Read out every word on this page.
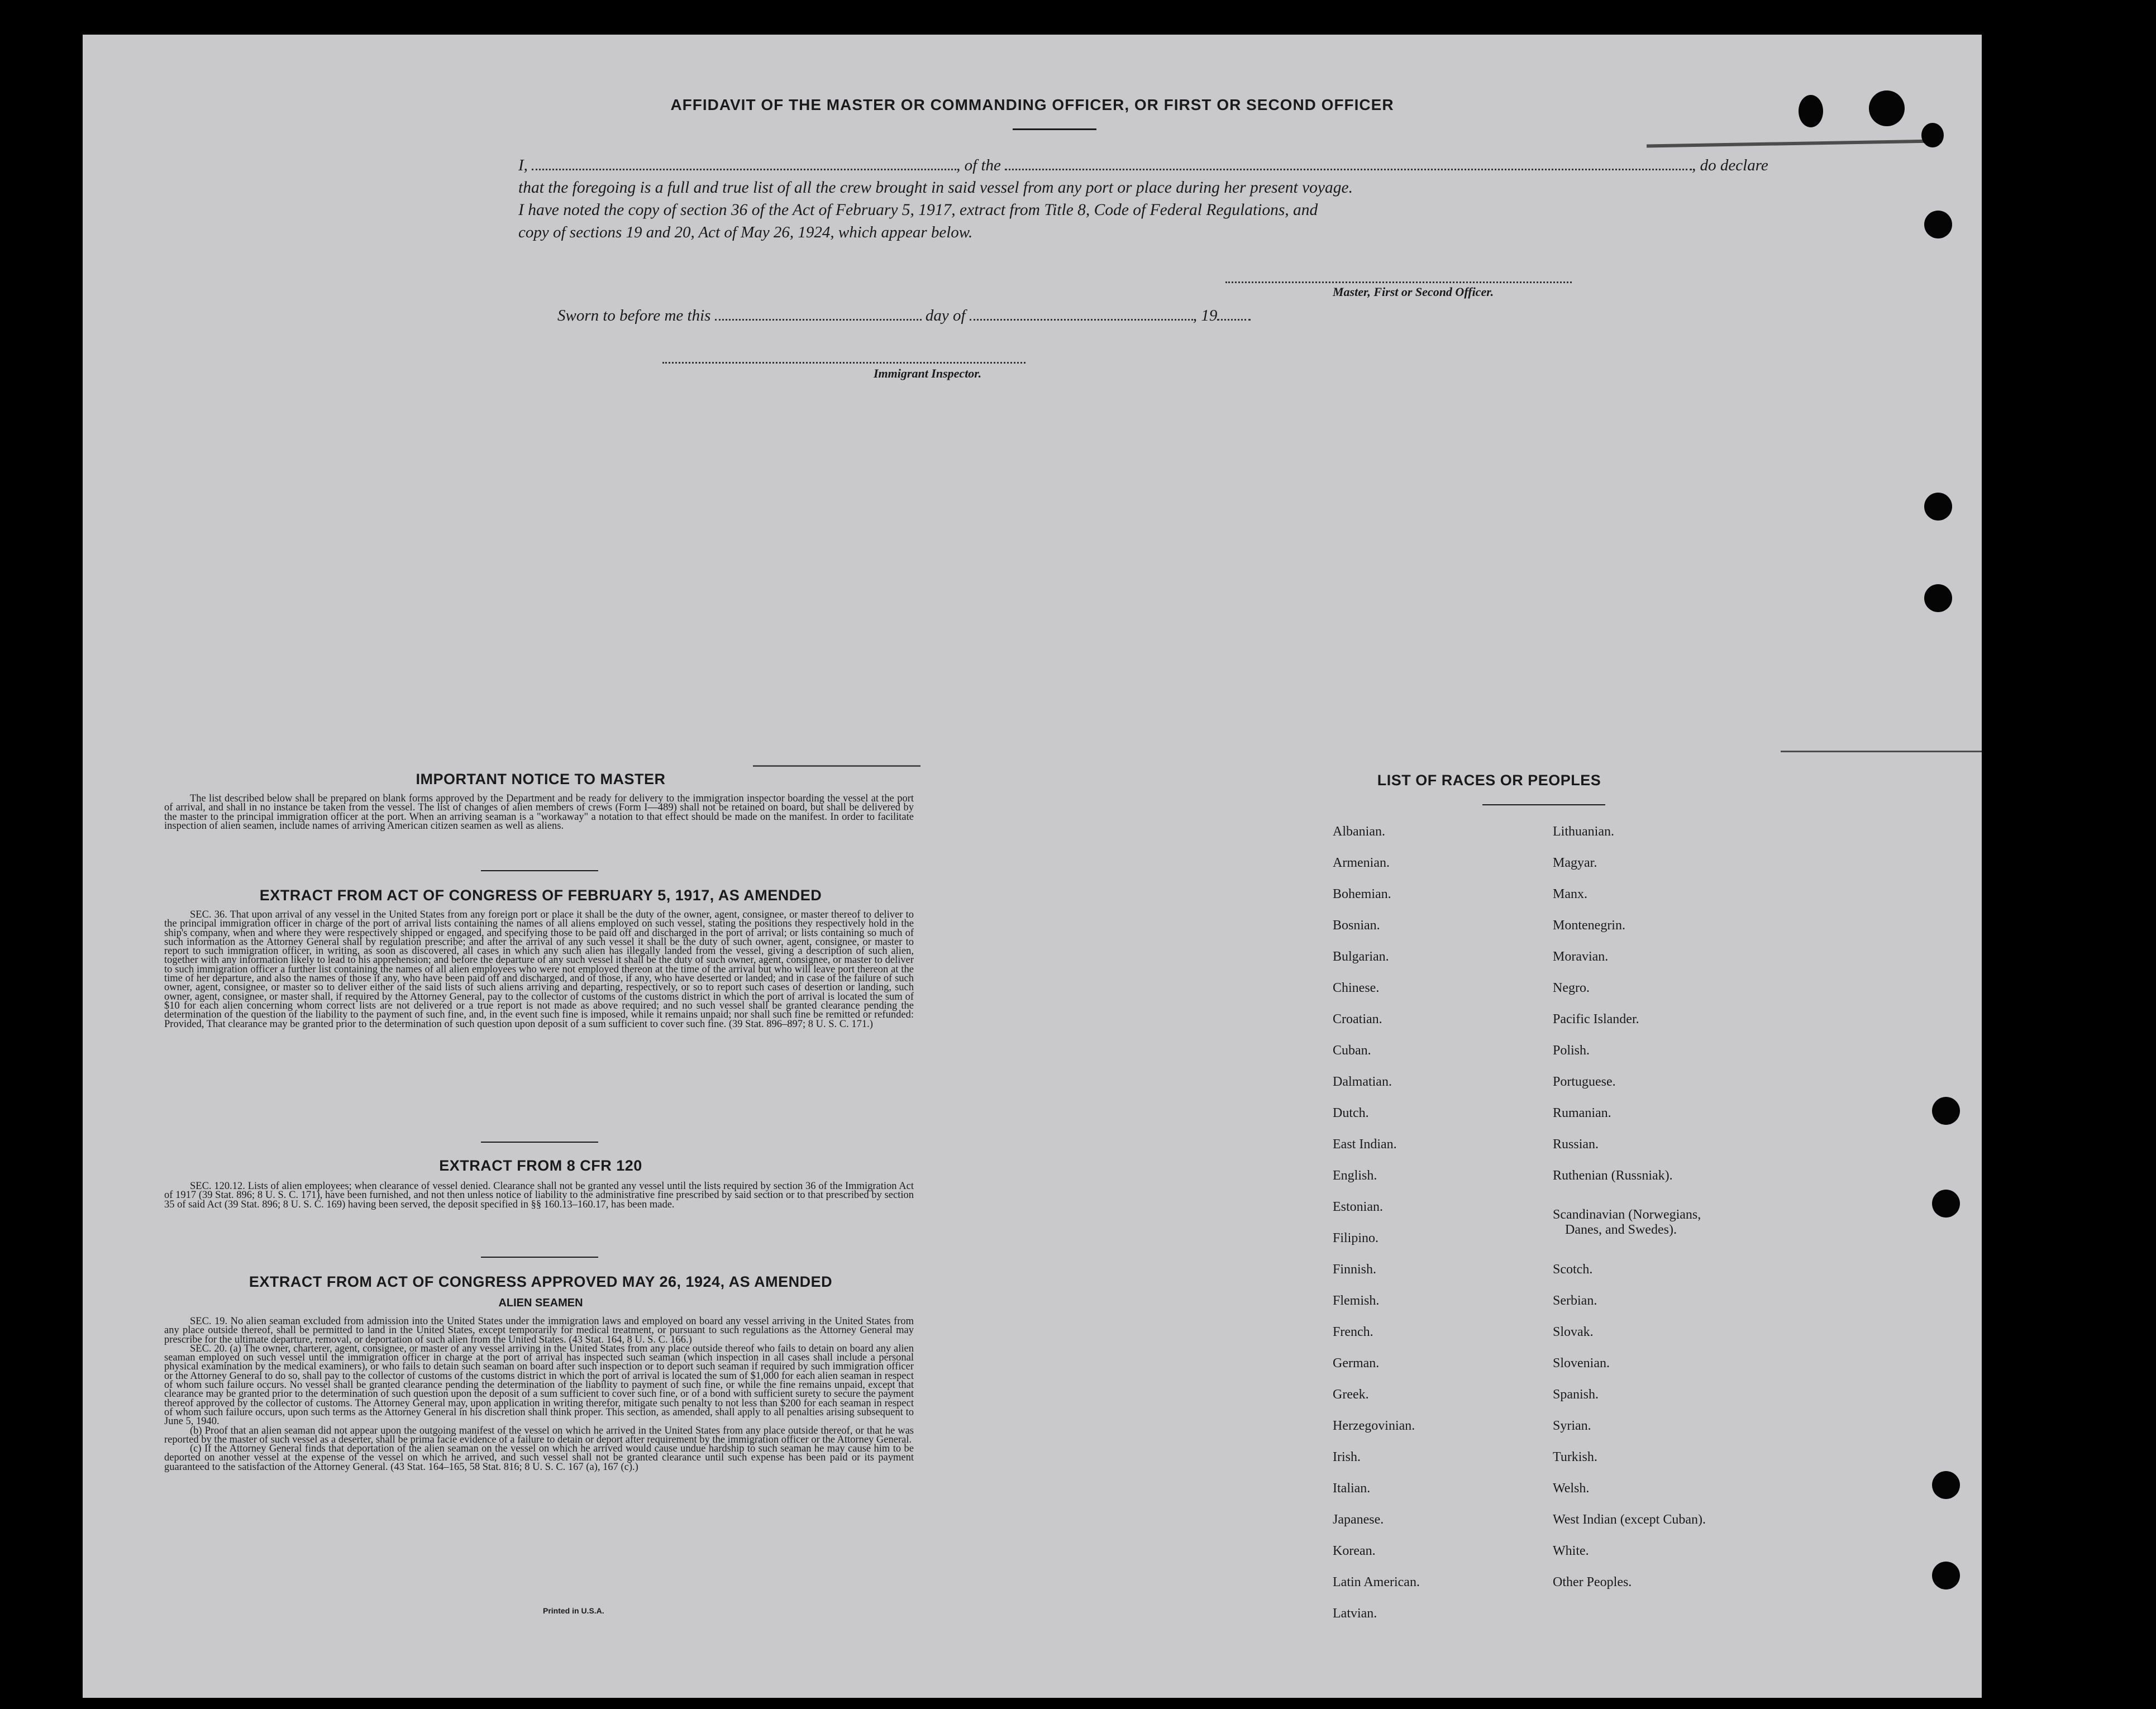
AFFIDAVIT OF THE MASTER OR COMMANDING OFFICER, OR FIRST OR SECOND OFFICER
I,	, of the	, do declare
that the foregoing is a full and true list of all the crew brought in said vessel from any port or place during her present voyage.
I have noted the copy of section 36 of the Act of February 5, 1917, extract from Title 8, Code of Federal Regulations, and
copy of sections 19 and 20, Act of May 26, 1924, which appear below.
Master, First or Second Officer.
Sworn to before me this	day of	, 19
Immigrant Inspector.
IMPORTANT NOTICE TO MASTER
The list described below shall be prepared on blank forms approved by the Department and be ready for delivery to the immigration inspector boarding the vessel at the port of arrival, and shall in no instance be taken from the vessel. The list of changes of alien members of crews (Form I—489) shall not be retained on board, but shall be delivered by the master to the principal immigration officer at the port. When an arriving seaman is a "workaway" a notation to that effect should be made on the manifest. In order to facilitate inspection of alien seamen, include names of arriving American citizen seamen as well as aliens.
EXTRACT FROM ACT OF CONGRESS OF FEBRUARY 5, 1917, AS AMENDED
SEC. 36. That upon arrival of any vessel in the United States from any foreign port or place it shall be the duty of the owner, agent, consignee, or master thereof to deliver to the principal immigration officer in charge of the port of arrival lists containing the names of all aliens employed on such vessel, stating the positions they respectively hold in the ship's company, when and where they were respectively shipped or engaged, and specifying those to be paid off and discharged in the port of arrival; or lists containing so much of such information as the Attorney General shall by regulation prescribe; and after the arrival of any such vessel it shall be the duty of such owner, agent, consignee, or master to report to such immigration officer, in writing, as soon as discovered, all cases in which any such alien has illegally landed from the vessel, giving a description of such alien, together with any information likely to lead to his apprehension; and before the departure of any such vessel it shall be the duty of such owner, agent, consignee, or master to deliver to such immigration officer a further list containing the names of all alien employees who were not employed thereon at the time of the arrival but who will leave port thereon at the time of her departure, and also the names of those if any, who have been paid off and discharged, and of those, if any, who have deserted or landed; and in case of the failure of such owner, agent, consignee, or master so to deliver either of the said lists of such aliens arriving and departing, respectively, or so to report such cases of desertion or landing, such owner, agent, consignee, or master shall, if required by the Attorney General, pay to the collector of customs of the customs district in which the port of arrival is located the sum of $10 for each alien concerning whom correct lists are not delivered or a true report is not made as above required; and no such vessel shall be granted clearance pending the determination of the question of the liability to the payment of such fine, and, in the event such fine is imposed, while it remains unpaid; nor shall such fine be remitted or refunded: Provided, That clearance may be granted prior to the determination of such question upon deposit of a sum sufficient to cover such fine. (39 Stat. 896–897; 8 U. S. C. 171.)
EXTRACT FROM 8 CFR 120
SEC. 120.12. Lists of alien employees; when clearance of vessel denied. Clearance shall not be granted any vessel until the lists required by section 36 of the Immigration Act of 1917 (39 Stat. 896; 8 U. S. C. 171), have been furnished, and not then unless notice of liability to the administrative fine prescribed by said section or to that prescribed by section 35 of said Act (39 Stat. 896; 8 U. S. C. 169) having been served, the deposit specified in §§ 160.13–160.17, has been made.
EXTRACT FROM ACT OF CONGRESS APPROVED MAY 26, 1924, AS AMENDED
ALIEN SEAMEN

SEC. 19. No alien seaman excluded from admission into the United States under the immigration laws and employed on board any vessel arriving in the United States from any place outside thereof, shall be permitted to land in the United States, except temporarily for medical treatment, or pursuant to such regulations as the Attorney General may prescribe for the ultimate departure, removal, or deportation of such alien from the United States. (43 Stat. 164, 8 U. S. C. 166.)

SEC. 20. (a) The owner, charterer, agent, consignee, or master of any vessel arriving in the United States from any place outside thereof who fails to detain on board any alien seaman employed on such vessel until the immigration officer in charge at the port of arrival has inspected such seaman (which inspection in all cases shall include a personal physical examination by the medical examiners), or who fails to detain such seaman on board after such inspection or to deport such seaman if required by such immigration officer or the Attorney General to do so, shall pay to the collector of customs of the customs district in which the port of arrival is located the sum of $1,000 for each alien seaman in respect of whom such failure occurs. No vessel shall be granted clearance pending the determination of the liability to payment of such fine, or while the fine remains unpaid, except that clearance may be granted prior to the determination of such question upon the deposit of a sum sufficient to cover such fine, or of a bond with sufficient surety to secure the payment thereof approved by the collector of customs. The Attorney General may, upon application in writing therefor, mitigate such penalty to not less than $200 for each seaman in respect of whom such failure occurs, upon such terms as the Attorney General in his discretion shall think proper. This section, as amended, shall apply to all penalties arising subsequent to June 5, 1940.

(b) Proof that an alien seaman did not appear upon the outgoing manifest of the vessel on which he arrived in the United States from any place outside thereof, or that he was reported by the master of such vessel as a deserter, shall be prima facie evidence of a failure to detain or deport after requirement by the immigration officer or the Attorney General.

(c) If the Attorney General finds that deportation of the alien seaman on the vessel on which he arrived would cause undue hardship to such seaman he may cause him to be deported on another vessel at the expense of the vessel on which he arrived, and such vessel shall not be granted clearance until such expense has been paid or its payment guaranteed to the satisfaction of the Attorney General. (43 Stat. 164–165, 58 Stat. 816; 8 U. S. C. 167 (a), 167 (c).)

Printed in U.S.A.
LIST OF RACES OR PEOPLES
Albanian.
Armenian.
Bohemian.
Bosnian.
Bulgarian.
Chinese.
Croatian.
Cuban.
Dalmatian.
Dutch.
East Indian.
English.
Estonian.
Filipino.
Finnish.
Flemish.
French.
German.
Greek.
Herzegovinian.
Irish.
Italian.
Japanese.
Korean.
Latin American.
Latvian.
Lithuanian.
Magyar.
Manx.
Montenegrin.
Moravian.
Negro.
Pacific Islander.
Polish.
Portuguese.
Rumanian.
Russian.
Ruthenian (Russniak).
Scandinavian (Norwegians,
Danes, and Swedes).
Scotch.
Serbian.
Slovak.
Slovenian.
Spanish.
Syrian.
Turkish.
Welsh.
West Indian (except Cuban).
White.
Other Peoples.
